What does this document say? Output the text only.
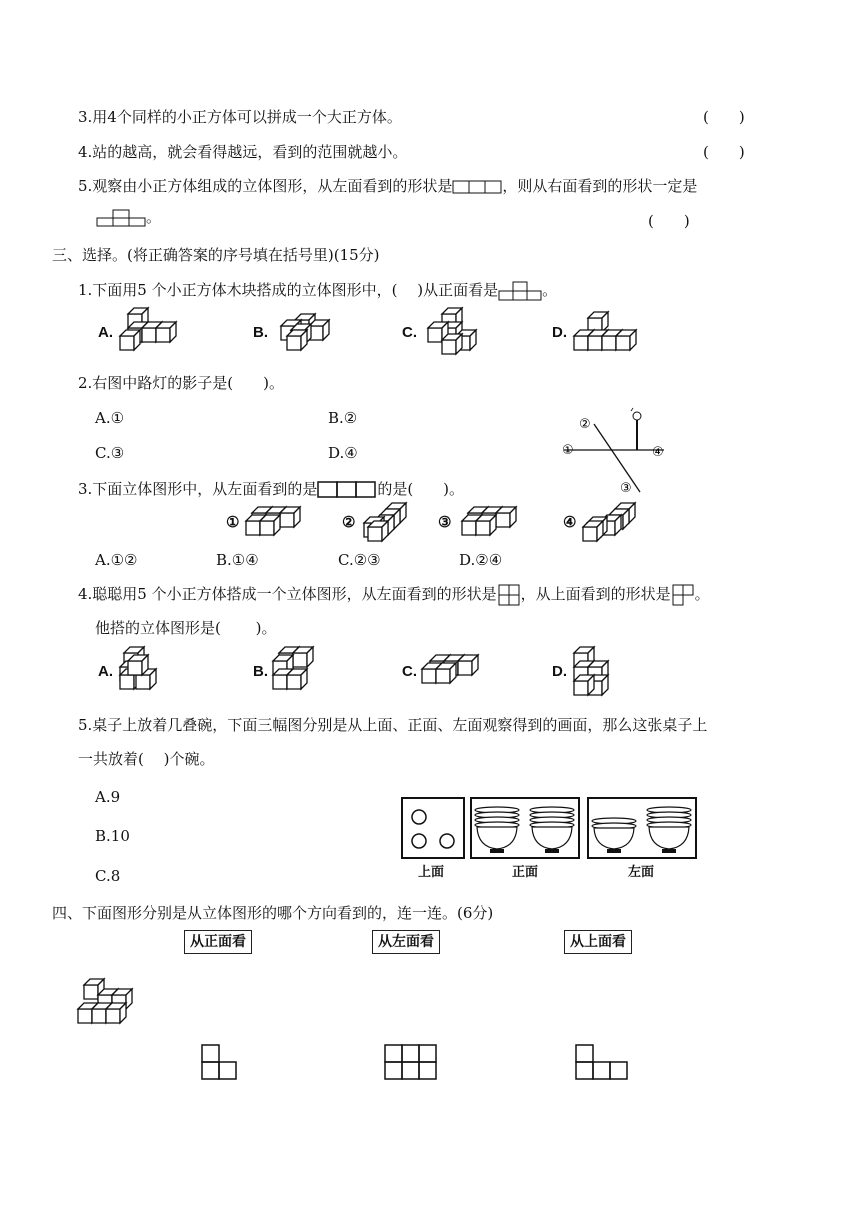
3.用4个同样的小正方体可以拼成一个大正方体。	(　　)
4.站的越高，就会看得越远，看到的范围就越小。	(　　)
5.观察由小正方体组成的立体图形，从左面看到的形状是	，则从右面看到的形状一定是
。	(　　)
三、选择。(将正确答案的序号填在括号里)(15分)
1.下面用5 个小正方体木块搭成的立体图形中，(　 )从正面看是	。
A.	B.	C.	D.
2.右图中路灯的影子是(　　)。
A.①	B.②
C.③	D.④
②
①	④
③
3.下面立体图形中，从左面看到的是	的是(　　)。
①	②	③	④
A.①②	B.①④	C.②③	D.②④
4.聪聪用5 个小正方体搭成一个立体图形，从左面看到的形状是 ，从上面看到的形状是 。
他搭的立体图形是(　　 )。
A.	B.	C.	D.
5.桌子上放着几叠碗，下面三幅图分别是从上面、正面、左面观察得到的画面，那么这张桌子上
一共放着(　 )个碗。
A.9
B.10
C.8	上面	正面	左面
四、下面图形分别是从立体图形的哪个方向看到的，连一连。(6分)
从正面看	从左面看	从上面看
